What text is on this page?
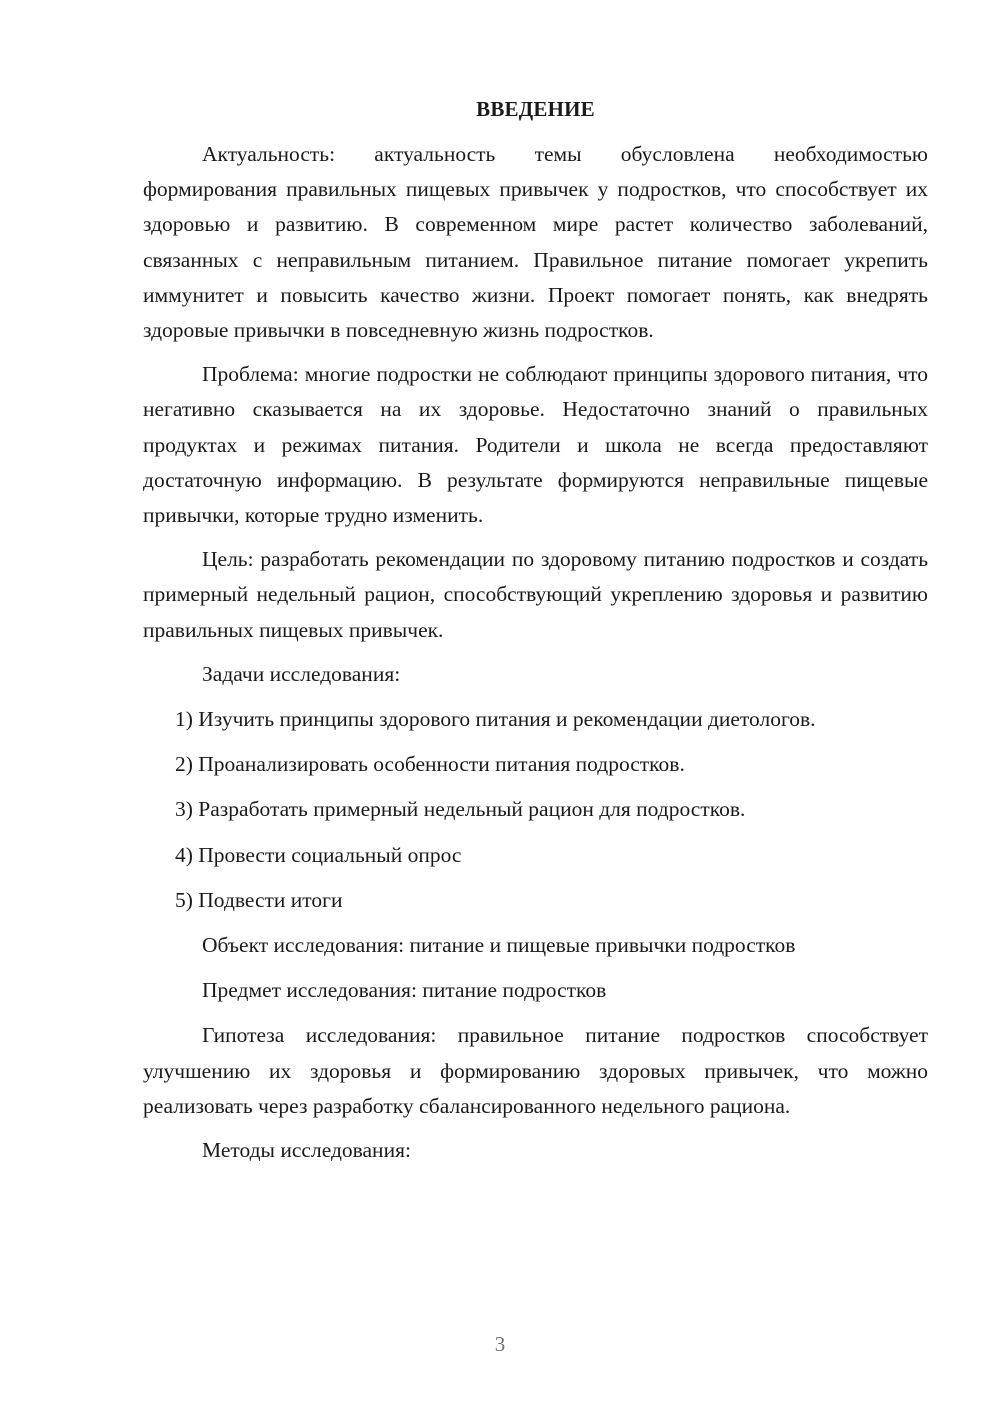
ВВЕДЕНИЕ

Актуальность: актуальность темы обусловлена необходимостью формирования правильных пищевых привычек у подростков, что способствует их здоровью и развитию. В современном мире растет количество заболеваний, связанных с неправильным питанием. Правильное питание помогает укрепить иммунитет и повысить качество жизни. Проект помогает понять, как внедрять здоровые привычки в повседневную жизнь подростков.

Проблема: многие подростки не соблюдают принципы здорового питания, что негативно сказывается на их здоровье. Недостаточно знаний о правильных продуктах и режимах питания. Родители и школа не всегда предоставляют достаточную информацию. В результате формируются неправильные пищевые привычки, которые трудно изменить.

Цель: разработать рекомендации по здоровому питанию подростков и создать примерный недельный рацион, способствующий укреплению здоровья и развитию правильных пищевых привычек.

Задачи исследования:
1) Изучить принципы здорового питания и рекомендации диетологов.
2) Проанализировать особенности питания подростков.
3) Разработать примерный недельный рацион для подростков.
4) Провести социальный опрос
5) Подвести итоги
Объект исследования: питание и пищевые привычки подростков
Предмет исследования: питание подростков

Гипотеза исследования: правильное питание подростков способствует улучшению их здоровья и формированию здоровых привычек, что можно реализовать через разработку сбалансированного недельного рациона.

Методы исследования:
3
